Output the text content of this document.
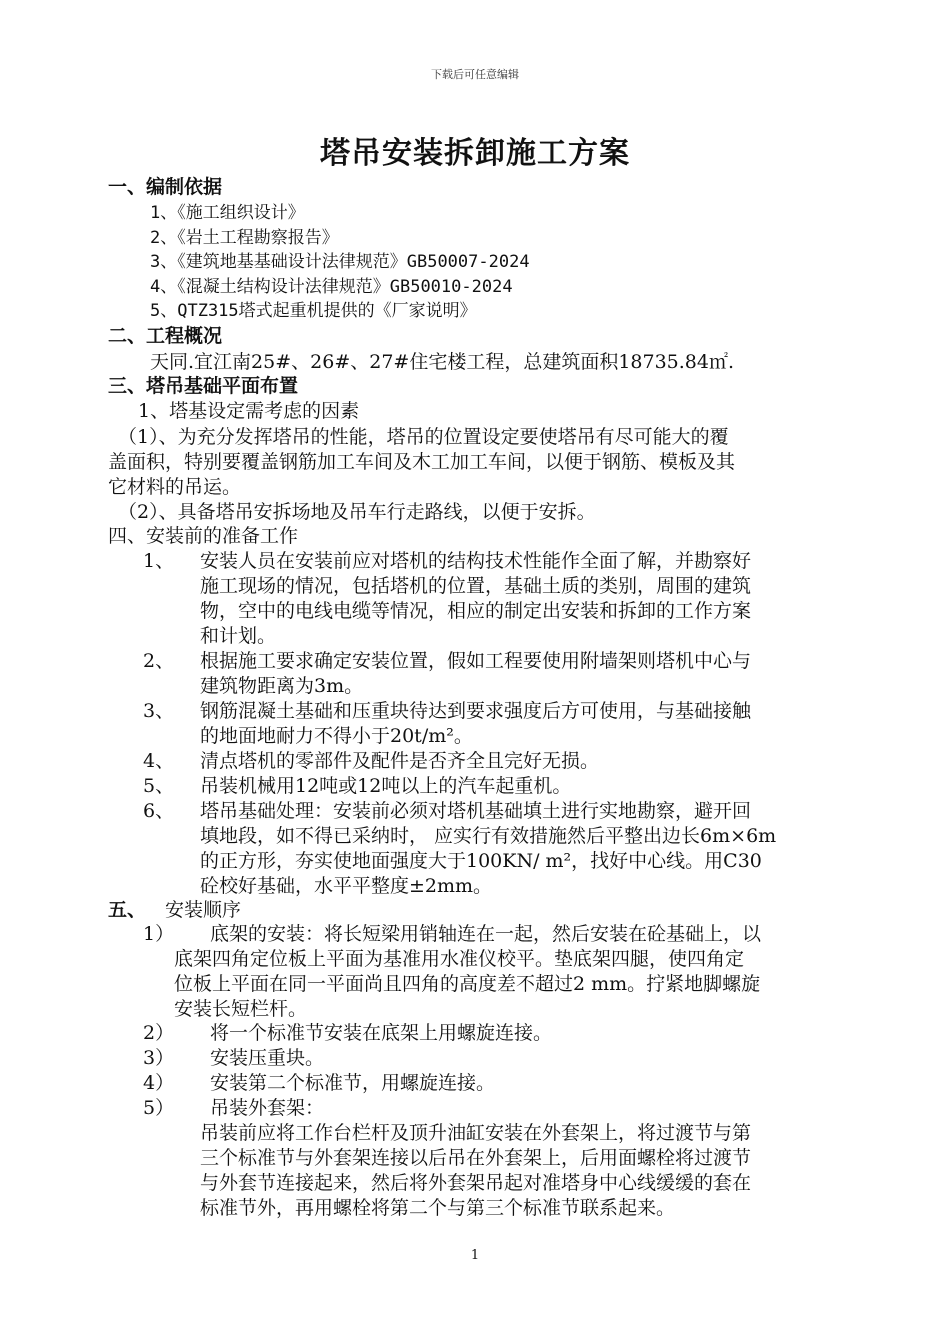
下载后可任意编辑
塔吊安装拆卸施工方案
一、编制依据
1、《施工组织设计》
2、《岩土工程勘察报告》
3、《建筑地基基础设计法律规范》GB50007-2024
4、《混凝土结构设计法律规范》GB50010-2024
5、QTZ315塔式起重机提供的《厂家说明》
二、工程概况
天同.宜江南25#、26#、27#住宅楼工程，总建筑面积18735.84㎡.
三、塔吊基础平面布置
1、塔基设定需考虑的因素
（1）、为充分发挥塔吊的性能，塔吊的位置设定要使塔吊有尽可能大的覆
盖面积，特别要覆盖钢筋加工车间及木工加工车间，以便于钢筋、模板及其
它材料的吊运。
（2）、具备塔吊安拆场地及吊车行走路线，以便于安拆。
四、安装前的准备工作
1、 安装人员在安装前应对塔机的结构技术性能作全面了解，并勘察好
施工现场的情况，包括塔机的位置，基础土质的类别，周围的建筑
物，空中的电线电缆等情况，相应的制定出安装和拆卸的工作方案
和计划。
2、 根据施工要求确定安装位置，假如工程要使用附墙架则塔机中心与
建筑物距离为3m。
3、 钢筋混凝土基础和压重块待达到要求强度后方可使用，与基础接触
的地面地耐力不得小于20t/m²。
4、 清点塔机的零部件及配件是否齐全且完好无损。
5、 吊装机械用12吨或12吨以上的汽车起重机。
6、 塔吊基础处理：安装前必须对塔机基础填土进行实地勘察，避开回
填地段，如不得已采纳时， 应实行有效措施然后平整出边长6m×6m
的正方形，夯实使地面强度大于100KN/ m²，找好中心线。用C30
砼校好基础，水平平整度±2mm。
五、 安装顺序
1） 底架的安装：将长短梁用销轴连在一起，然后安装在砼基础上，以
底架四角定位板上平面为基准用水准仪校平。垫底架四腿，使四角定
位板上平面在同一平面尚且四角的高度差不超过2 mm。拧紧地脚螺旋
安装长短栏杆。
2） 将一个标准节安装在底架上用螺旋连接。
3） 安装压重块。
4） 安装第二个标准节，用螺旋连接。
5） 吊装外套架：
吊装前应将工作台栏杆及顶升油缸安装在外套架上，将过渡节与第
三个标准节与外套架连接以后吊在外套架上，后用面螺栓将过渡节
与外套节连接起来，然后将外套架吊起对准塔身中心线缓缓的套在
标准节外，再用螺栓将第二个与第三个标准节联系起来。
1
